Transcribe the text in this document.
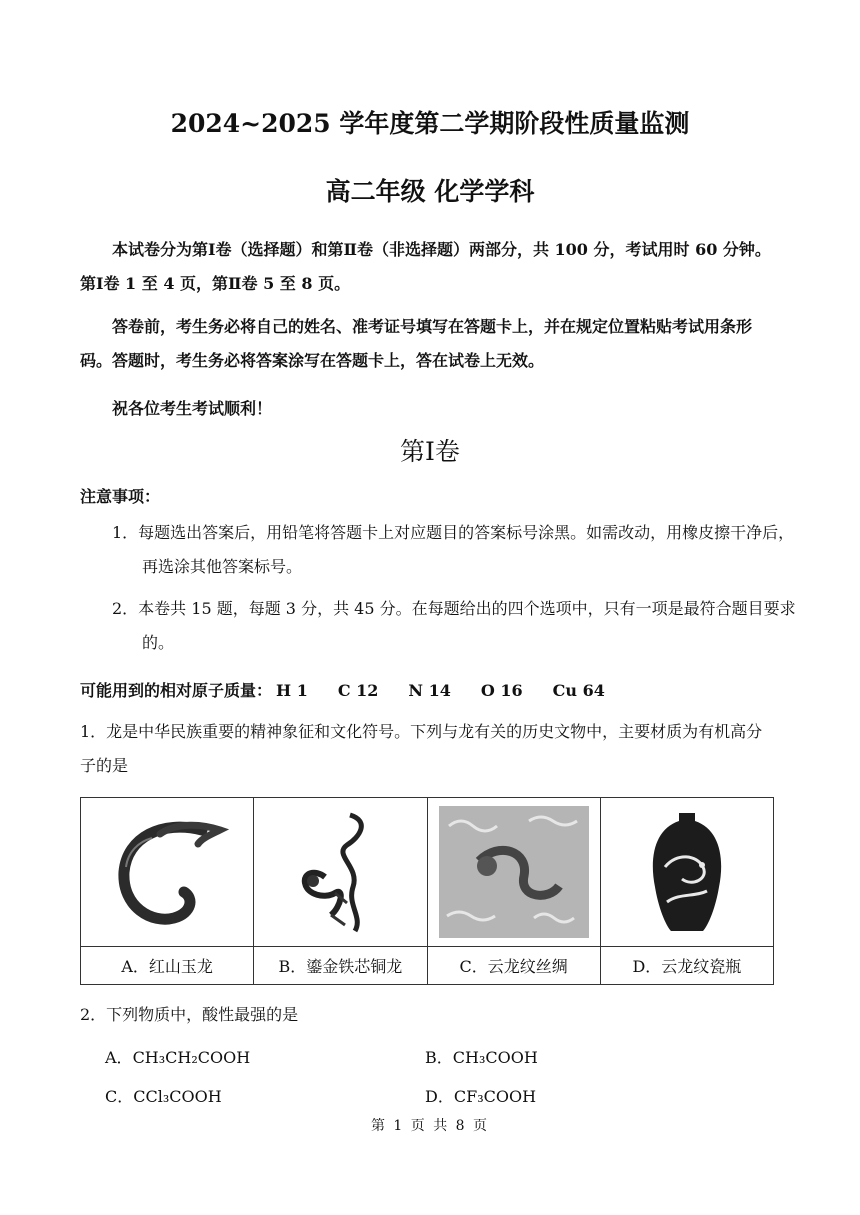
2024~2025 学年度第二学期阶段性质量监测
高二年级 化学学科
本试卷分为第Ⅰ卷（选择题）和第Ⅱ卷（非选择题）两部分，共 100 分，考试用时 60 分钟。第Ⅰ卷 1 至 4 页，第Ⅱ卷 5 至 8 页。
答卷前，考生务必将自己的姓名、准考证号填写在答题卡上，并在规定位置粘贴考试用条形码。答题时，考生务必将答案涂写在答题卡上，答在试卷上无效。
祝各位考生考试顺利！
第Ⅰ卷
注意事项：
1．每题选出答案后，用铅笔将答题卡上对应题目的答案标号涂黑。如需改动，用橡皮擦干净后，再选涂其他答案标号。
2．本卷共 15 题，每题 3 分，共 45 分。在每题给出的四个选项中，只有一项是最符合题目要求的。
可能用到的相对原子质量： H 1 C 12 N 14 O 16 Cu 64
1．龙是中华民族重要的精神象征和文化符号。下列与龙有关的历史文物中，主要材质为有机高分子的是

A．红山玉龙	B．鎏金铁芯铜龙	C．云龙纹丝绸	D．云龙纹瓷瓶
2．下列物质中，酸性最强的是
A．CH₃CH₂COOH	B．CH₃COOH
C．CCl₃COOH	D．CF₃COOH
第 1 页 共 8 页
